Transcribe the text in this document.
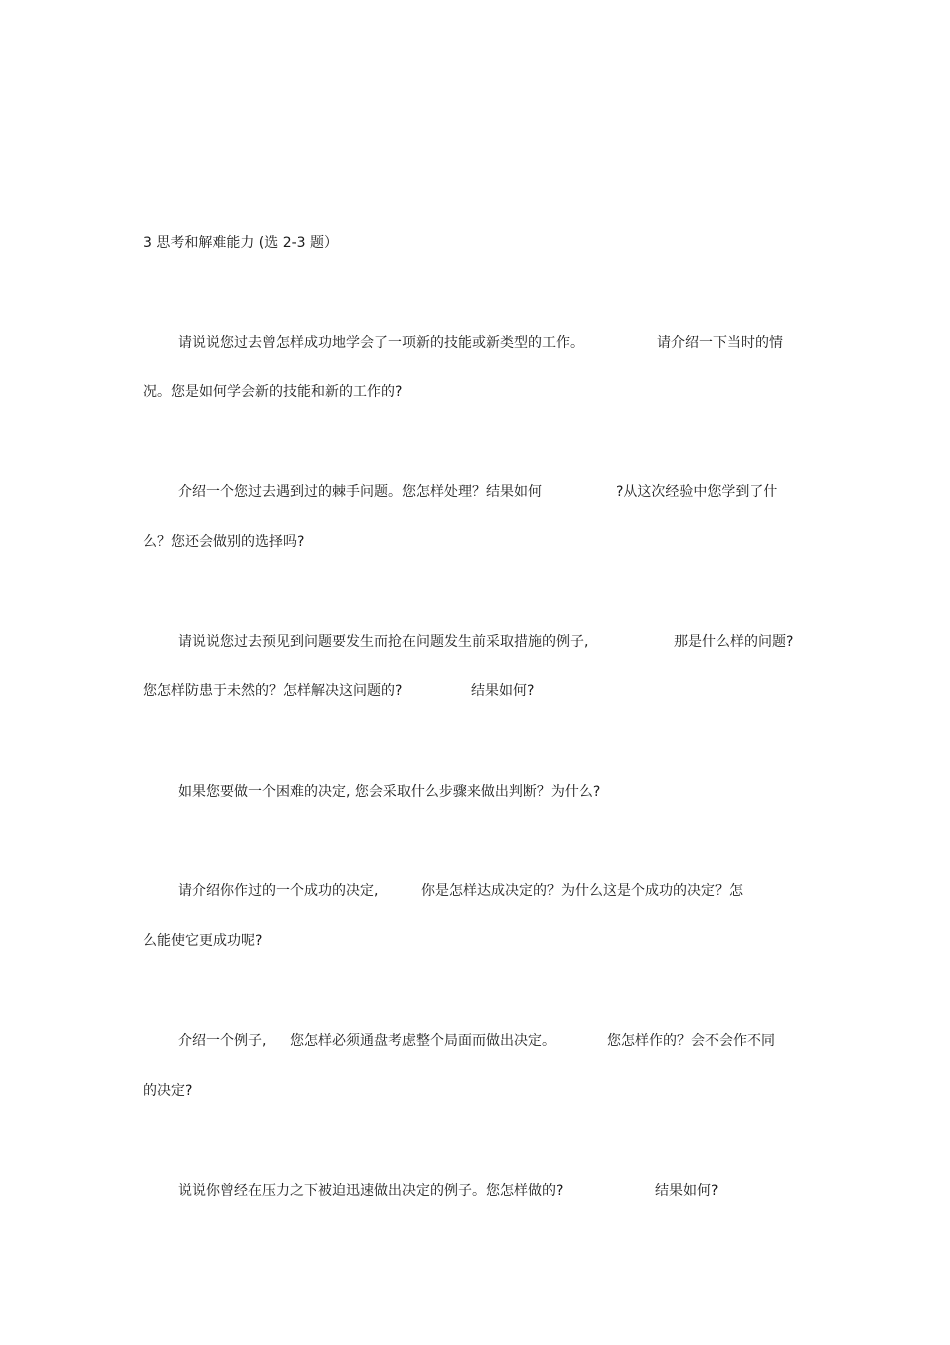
3 思考和解难能力 (选 2-3 题）
请说说您过去曾怎样成功地学会了一项新的技能或新类型的工作。	请介绍一下当时的情
况。您是如何学会新的技能和新的工作的?
介绍一个您过去遇到过的棘手问题。您怎样处理？结果如何	?从这次经验中您学到了什
么？您还会做别的选择吗?
请说说您过去预见到问题要发生而抢在问题发生前采取措施的例子,	那是什么样的问题?
您怎样防患于未然的？怎样解决这问题的?	结果如何?
如果您要做一个困难的决定, 您会采取什么步骤来做出判断？为什么?
请介绍你作过的一个成功的决定,	你是怎样达成决定的？为什么这是个成功的决定？怎
么能使它更成功呢?
介绍一个例子, 您怎样必须通盘考虑整个局面而做出决定。	您怎样作的？会不会作不同
的决定?
说说你曾经在压力之下被迫迅速做出决定的例子。您怎样做的?	结果如何?
